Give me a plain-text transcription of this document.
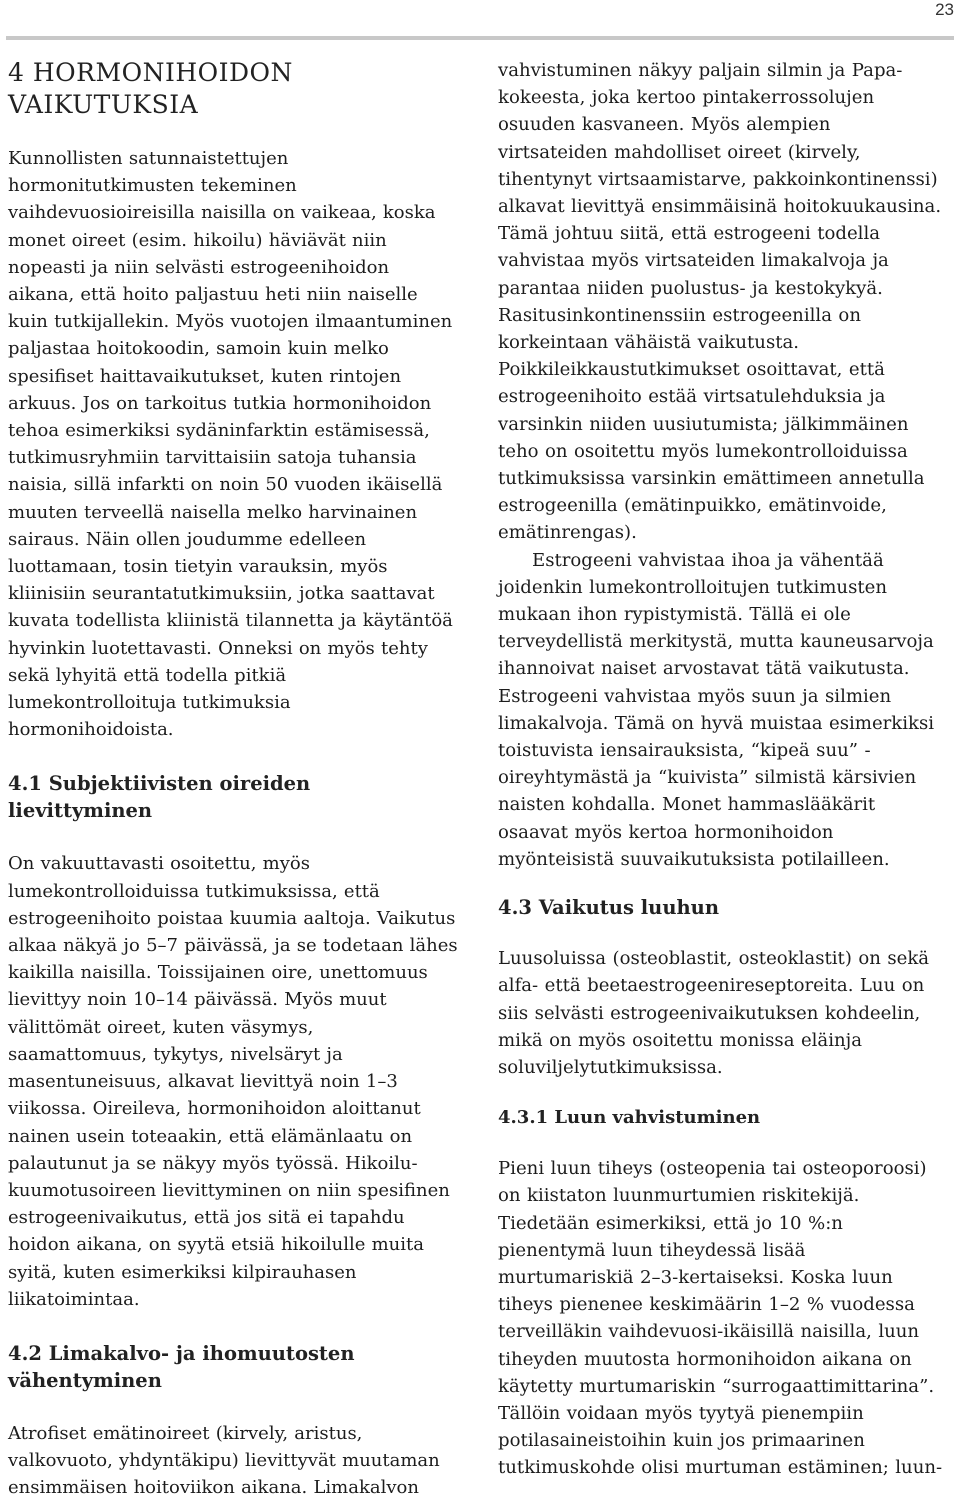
23
4 HORMONIHOIDON VAIKUTUKSIA

Kunnollisten satunnaistettujen hormonitutkimusten tekeminen vaihdevuosioireisilla naisilla on vaikeaa, koska monet oireet (esim. hikoilu) häviävät niin nopeasti ja niin selvästi estrogeenihoidon aikana, että hoito paljastuu heti niin naiselle kuin tutkijallekin. Myös vuotojen ilmaantuminen paljastaa hoitokoodin, samoin kuin melko spesifiset haittavaikutukset, kuten rintojen arkuus. Jos on tarkoitus tutkia hormonihoidon tehoa esimerkiksi sydäninfarktin estämisessä, tutkimusryhmiin tarvittaisiin satoja tuhansia naisia, sillä infarkti on noin 50 vuoden ikäisellä muuten terveellä naisella melko harvinainen sairaus. Näin ollen joudumme edelleen luottamaan, tosin tietyin varauksin, myös kliinisiin seurantatutkimuksiin, jotka saattavat kuvata todellista kliinistä tilannetta ja käytäntöä hyvinkin luotettavasti. Onneksi on myös tehty sekä lyhyitä että todella pitkiä lumekontrolloituja tutkimuksia hormonihoidoista.

4.1 Subjektiivisten oireiden lievittyminen

On vakuuttavasti osoitettu, myös lumekontrolloiduissa tutkimuksissa, että estrogeenihoito poistaa kuumia aaltoja. Vaikutus alkaa näkyä jo 5–7 päivässä, ja se todetaan lähes kaikilla naisilla. Toissijainen oire, unettomuus lievittyy noin 10–14 päivässä. Myös muut välittömät oireet, kuten väsymys, saamattomuus, tykytys, nivelsäryt ja masentuneisuus, alkavat lievittyä noin 1–3 viikossa. Oireileva, hormonihoidon aloittanut nainen usein toteaakin, että elämänlaatu on palautunut ja se näkyy myös työssä. Hikoilu-kuumotusoireen lievittyminen on niin spesifinen estrogeenivaikutus, että jos sitä ei tapahdu hoidon aikana, on syytä etsiä hikoilulle muita syitä, kuten esimerkiksi kilpirauhasen liikatoimintaa.

4.2 Limakalvo- ja ihomuutosten vähentyminen

Atrofiset emätinoireet (kirvely, aristus, valkovuoto, yhdyntäkipu) lievittyvät muutaman ensimmäisen hoitoviikon aikana. Limakalvon

vahvistuminen näkyy paljain silmin ja Papa-kokeesta, joka kertoo pintakerrossolujen osuuden kasvaneen. Myös alempien virtsateiden mahdolliset oireet (kirvely, tihentynyt virtsaamistarve, pakkoinkontinenssi) alkavat lievittyä ensimmäisinä hoitokuukausina. Tämä johtuu siitä, että estrogeeni todella vahvistaa myös virtsateiden limakalvoja ja parantaa niiden puolustus- ja kestokykyä. Rasitusinkontinenssiin estrogeenilla on korkeintaan vähäistä vaikutusta. Poikkileikkaustutkimukset osoittavat, että estrogeenihoito estää virtsatulehduksia ja varsinkin niiden uusiutumista; jälkimmäinen teho on osoitettu myös lumekontrolloiduissa tutkimuksissa varsinkin emättimeen annetulla estrogeenilla (emätinpuikko, emätinvoide, emätinrengas).

Estrogeeni vahvistaa ihoa ja vähentää joidenkin lumekontrolloitujen tutkimusten mukaan ihon rypistymistä. Tällä ei ole terveydellistä merkitystä, mutta kauneusarvoja ihannoivat naiset arvostavat tätä vaikutusta. Estrogeeni vahvistaa myös suun ja silmien limakalvoja. Tämä on hyvä muistaa esimerkiksi toistuvista iensairauksista, “kipeä suu” -oireyhtymästä ja “kuivista” silmistä kärsivien naisten kohdalla. Monet hammaslääkärit osaavat myös kertoa hormonihoidon myönteisistä suuvaikutuksista potilailleen.

4.3 Vaikutus luuhun

Luusoluissa (osteoblastit, osteoklastit) on sekä alfa- että beetaestrogeenireseptoreita. Luu on siis selvästi estrogeenivaikutuksen kohdeelin, mikä on myös osoitettu monissa eläinja soluviljelytutkimuksissa.

4.3.1 Luun vahvistuminen

Pieni luun tiheys (osteopenia tai osteoporoosi) on kiistaton luunmurtumien riskitekijä. Tiedetään esimerkiksi, että jo 10 %:n pienentymä luun tiheydessä lisää murtumariskiä 2–3-kertaiseksi. Koska luun tiheys pienenee keskimäärin 1–2 % vuodessa terveilläkin vaihdevuosi-ikäisillä naisilla, luun tiheyden muutosta hormonihoidon aikana on käytetty murtumariskin “surrogaattimittarina”. Tällöin voidaan myös tyytyä pienempiin potilasaineistoihin kuin jos primaarinen tutkimuskohde olisi murtuman estäminen; luun-
